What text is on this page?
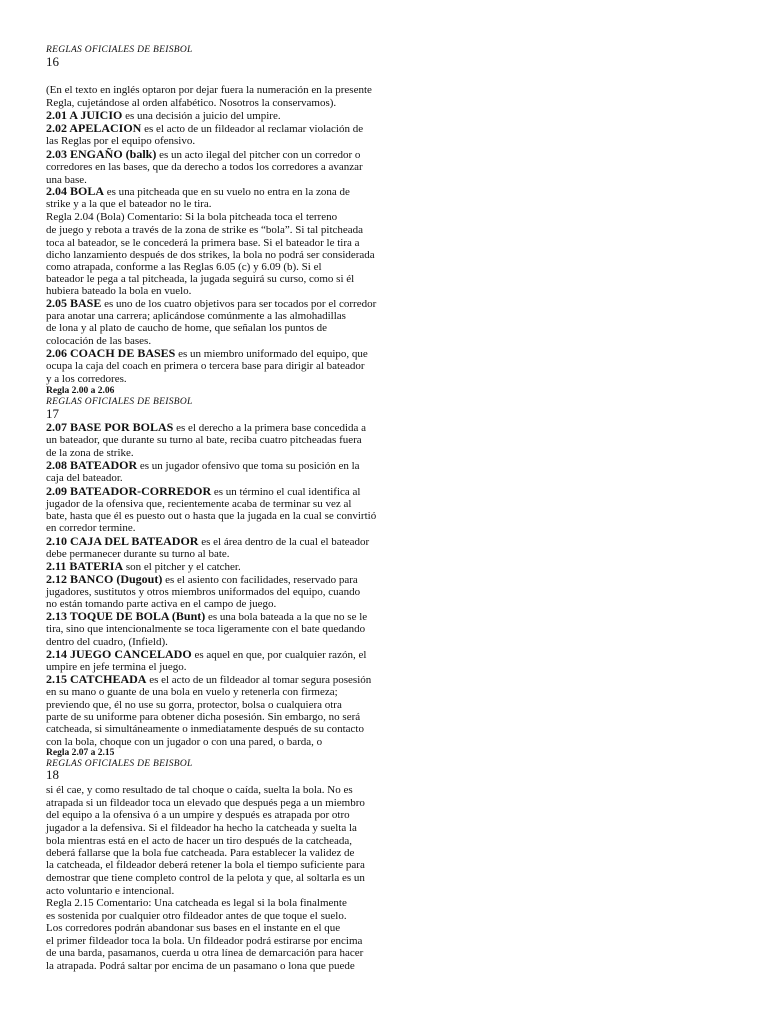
REGLAS OFICIALES DE BEISBOL
16
(En el texto en inglés optaron por dejar fuera la numeración en la presente
Regla, cujetándose al orden alfabético. Nosotros la conservamos).
2.01 A JUICIO es una decisión a juicio del umpire.
2.02 APELACION es el acto de un fildeador al reclamar violación de
las Reglas por el equipo ofensivo.
2.03 ENGAÑO (balk) es un acto ilegal del pitcher con un corredor o
corredores en las bases, que da derecho a todos los corredores a avanzar
una base.
2.04 BOLA es una pitcheada que en su vuelo no entra en la zona de
strike y a la que el bateador no le tira.
Regla 2.04 (Bola) Comentario: Si la bola pitcheada toca el terreno
de juego y rebota a través de la zona de strike es “bola”. Si tal pitcheada
toca al bateador, se le concederá la primera base. Si el bateador le tira a
dicho lanzamiento después de dos strikes, la bola no podrá ser considerada
como atrapada, conforme a las Reglas 6.05 (c) y 6.09 (b). Si el
bateador le pega a tal pitcheada, la jugada seguirá su curso, como si él
hubiera bateado la bola en vuelo.
2.05 BASE es uno de los cuatro objetivos para ser tocados por el corredor
para anotar una carrera; aplicándose comúnmente a las almohadillas
de lona y al plato de caucho de home, que señalan los puntos de
colocación de las bases.
2.06 COACH DE BASES es un miembro uniformado del equipo, que
ocupa la caja del coach en primera o tercera base para dirigir al bateador
y a los corredores.
Regla 2.00 a 2.06
REGLAS OFICIALES DE BEISBOL
17
2.07 BASE POR BOLAS es el derecho a la primera base concedida a
un bateador, que durante su turno al bate, reciba cuatro pitcheadas fuera
de la zona de strike.
2.08 BATEADOR es un jugador ofensivo que toma su posición en la
caja del bateador.
2.09 BATEADOR-CORREDOR es un término el cual identifica al
jugador de la ofensiva que, recientemente acaba de terminar su vez al
bate, hasta que él es puesto out o hasta que la jugada en la cual se convirtió
en corredor termine.
2.10 CAJA DEL BATEADOR es el área dentro de la cual el bateador
debe permanecer durante su turno al bate.
2.11 BATERIA son el pitcher y el catcher.
2.12 BANCO (Dugout) es el asiento con facilidades, reservado para
jugadores, sustitutos y otros miembros uniformados del equipo, cuando
no están tomando parte activa en el campo de juego.
2.13 TOQUE DE BOLA (Bunt) es una bola bateada a la que no se le
tira, sino que intencionalmente se toca ligeramente con el bate quedando
dentro del cuadro, (Infield).
2.14 JUEGO CANCELADO es aquel en que, por cualquier razón, el
umpire en jefe termina el juego.
2.15 CATCHEADA es el acto de un fildeador al tomar segura posesión
en su mano o guante de una bola en vuelo y retenerla con firmeza;
previendo que, él no use su gorra, protector, bolsa o cualquiera otra
parte de su uniforme para obtener dicha posesión. Sin embargo, no será
catcheada, si simultáneamente o inmediatamente después de su contacto
con la bola, choque con un jugador o con una pared, o barda, o
Regla 2.07 a 2.15
REGLAS OFICIALES DE BEISBOL
18
si él cae, y como resultado de tal choque o caída, suelta la bola. No es
atrapada si un fildeador toca un elevado que después pega a un miembro
del equipo a la ofensiva ó a un umpire y después es atrapada por otro
jugador a la defensiva. Si el fildeador ha hecho la catcheada y suelta la
bola mientras está en el acto de hacer un tiro después de la catcheada,
deberá fallarse que la bola fue catcheada. Para establecer la validez de
la catcheada, el fildeador deberá retener la bola el tiempo suficiente para
demostrar que tiene completo control de la pelota y que, al soltarla es un
acto voluntario e intencional.
Regla 2.15 Comentario: Una catcheada es legal si la bola finalmente
es sostenida por cualquier otro fildeador antes de que toque el suelo.
Los corredores podrán abandonar sus bases en el instante en el que
el primer fildeador toca la bola. Un fildeador podrá estirarse por encima
de una barda, pasamanos, cuerda u otra línea de demarcación para hacer
la atrapada. Podrá saltar por encima de un pasamano o lona que puede
